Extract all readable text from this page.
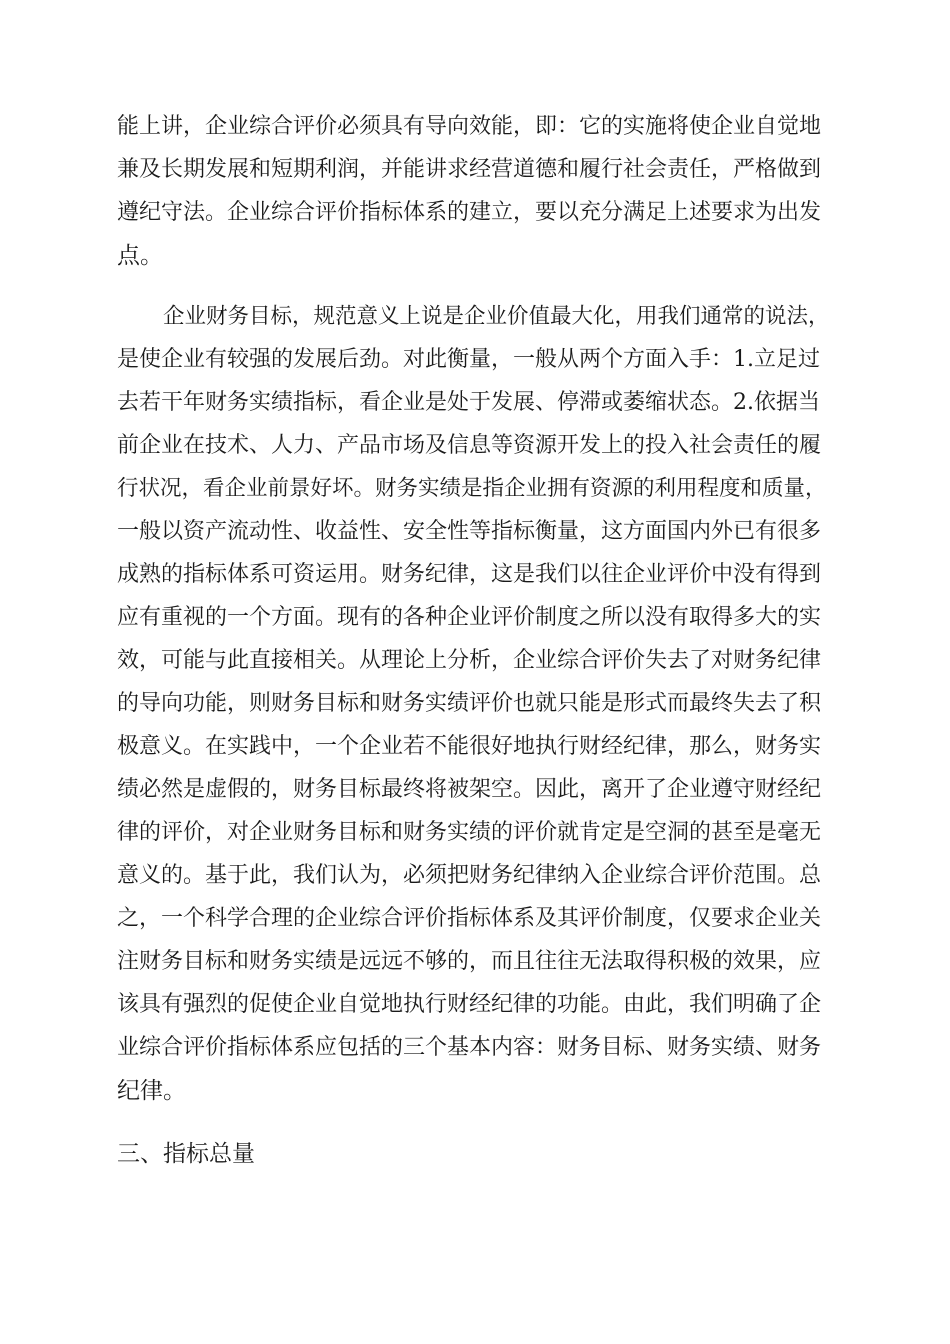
能上讲，企业综合评价必须具有导向效能，即：它的实施将使企业自觉地
兼及长期发展和短期利润，并能讲求经营道德和履行社会责任，严格做到
遵纪守法。企业综合评价指标体系的建立，要以充分满足上述要求为出发
点。
企业财务目标，规范意义上说是企业价值最大化，用我们通常的说法，
是使企业有较强的发展后劲。对此衡量，一般从两个方面入手：1.立足过
去若干年财务实绩指标，看企业是处于发展、停滞或萎缩状态。2.依据当
前企业在技术、人力、产品市场及信息等资源开发上的投入社会责任的履
行状况，看企业前景好坏。财务实绩是指企业拥有资源的利用程度和质量，
一般以资产流动性、收益性、安全性等指标衡量，这方面国内外已有很多
成熟的指标体系可资运用。财务纪律，这是我们以往企业评价中没有得到
应有重视的一个方面。现有的各种企业评价制度之所以没有取得多大的实
效，可能与此直接相关。从理论上分析，企业综合评价失去了对财务纪律
的导向功能，则财务目标和财务实绩评价也就只能是形式而最终失去了积
极意义。在实践中，一个企业若不能很好地执行财经纪律，那么，财务实
绩必然是虚假的，财务目标最终将被架空。因此，离开了企业遵守财经纪
律的评价，对企业财务目标和财务实绩的评价就肯定是空洞的甚至是毫无
意义的。基于此，我们认为，必须把财务纪律纳入企业综合评价范围。总
之，一个科学合理的企业综合评价指标体系及其评价制度，仅要求企业关
注财务目标和财务实绩是远远不够的，而且往往无法取得积极的效果，应
该具有强烈的促使企业自觉地执行财经纪律的功能。由此，我们明确了企
业综合评价指标体系应包括的三个基本内容：财务目标、财务实绩、财务
纪律。
三、指标总量
